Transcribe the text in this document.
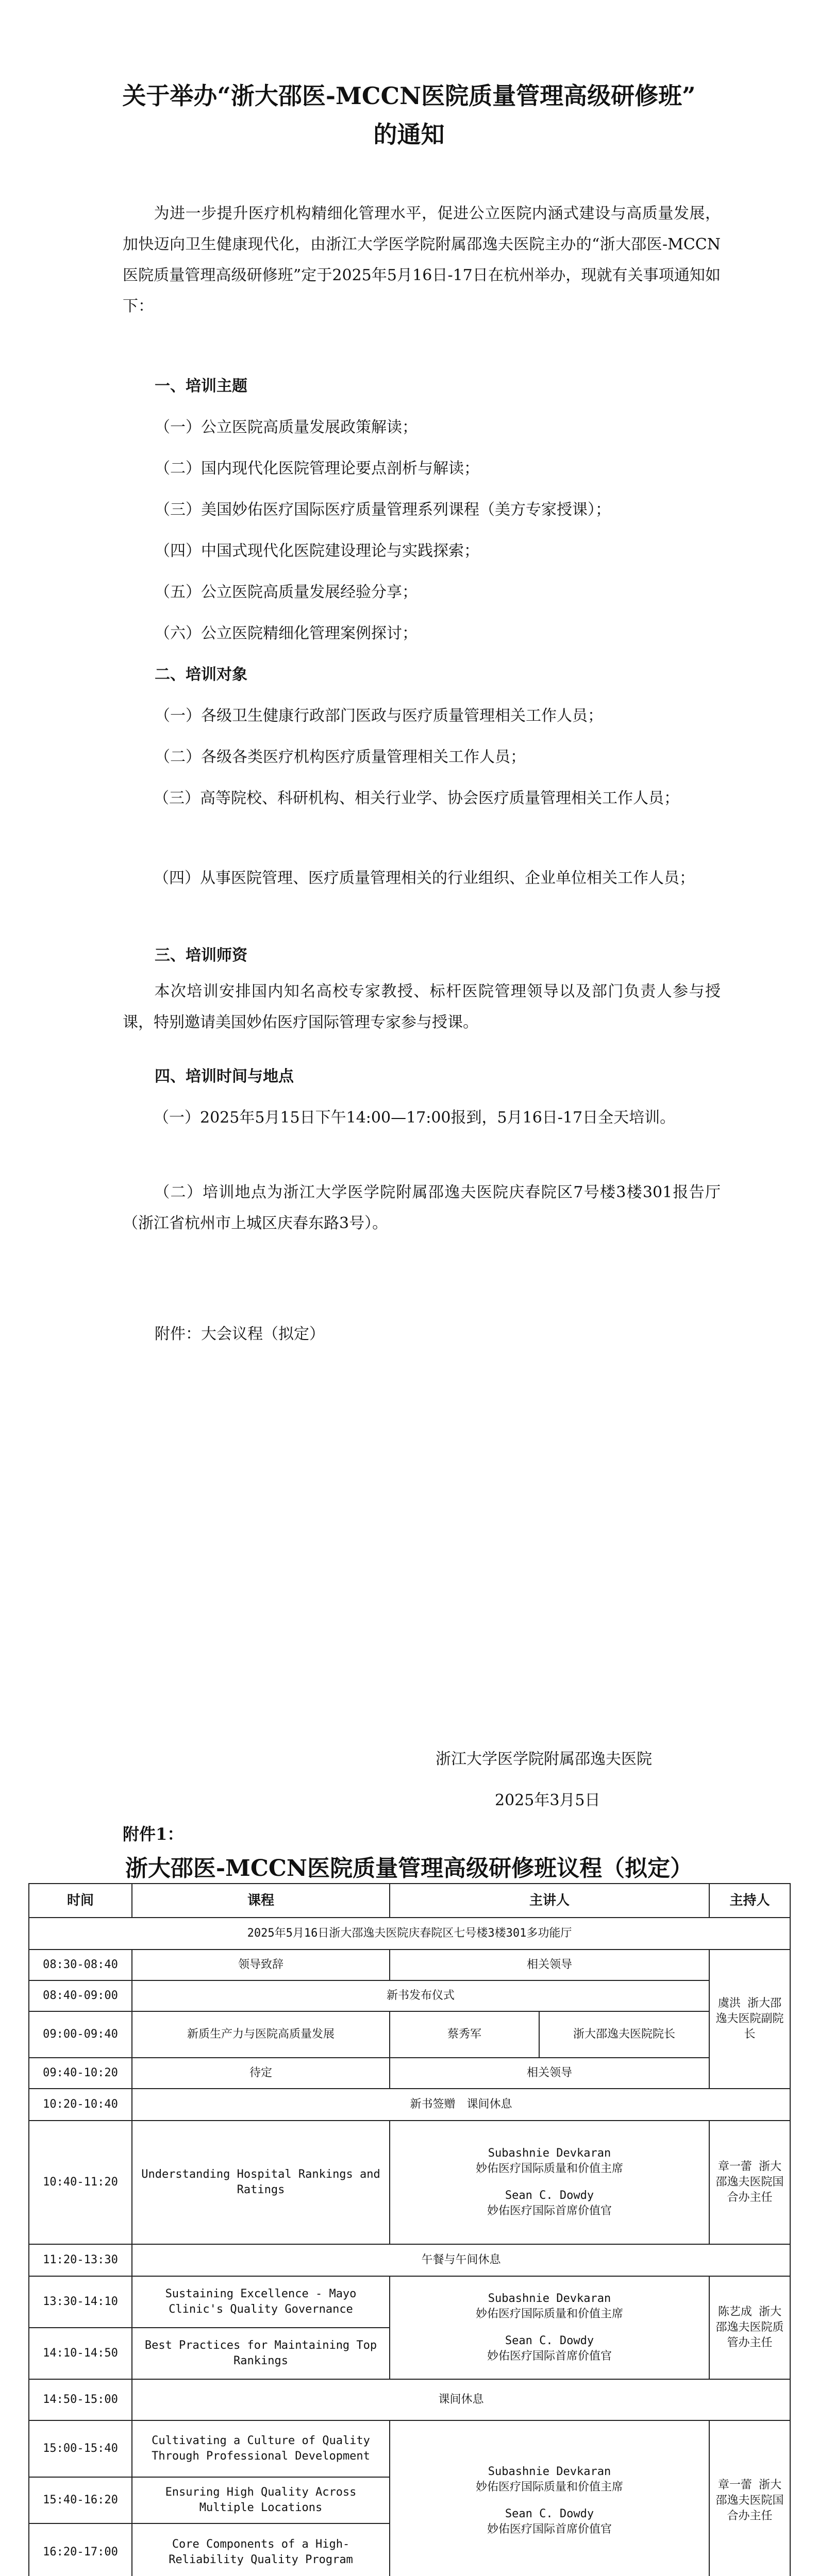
关于举办“浙大邵医-MCCN医院质量管理高级研修班”
的通知
为进一步提升医疗机构精细化管理水平，促进公立医院内涵式建设与高质量发展，加快迈向卫生健康现代化，由浙江大学医学院附属邵逸夫医院主办的“浙大邵医-MCCN医院质量管理高级研修班”定于2025年5月16日-17日在杭州举办，现就有关事项通知如下：
一、培训主题
（一）公立医院高质量发展政策解读；
（二）国内现代化医院管理论要点剖析与解读；
（三）美国妙佑医疗国际医疗质量管理系列课程（美方专家授课）；
（四）中国式现代化医院建设理论与实践探索；
（五）公立医院高质量发展经验分享；
（六）公立医院精细化管理案例探讨；
二、培训对象
（一）各级卫生健康行政部门医政与医疗质量管理相关工作人员；
（二）各级各类医疗机构医疗质量管理相关工作人员；
（三）高等院校、科研机构、相关行业学、协会医疗质量管理相关工作人员；
（四）从事医院管理、医疗质量管理相关的行业组织、企业单位相关工作人员；
三、培训师资
本次培训安排国内知名高校专家教授、标杆医院管理领导以及部门负责人参与授课，特别邀请美国妙佑医疗国际管理专家参与授课。
四、培训时间与地点
（一）2025年5月15日下午14:00—17:00报到，5月16日-17日全天培训。
（二）培训地点为浙江大学医学院附属邵逸夫医院庆春院区7号楼3楼301报告厅（浙江省杭州市上城区庆春东路3号）。
附件：大会议程（拟定）
浙江大学医学院附属邵逸夫医院
2025年3月5日
附件1：
浙大邵医-MCCN医院质量管理高级研修班议程（拟定）
时间	课程	主讲人		主持人
2025年5月16日浙大邵逸夫医院庆春院区七号楼3楼301多功能厅				
08:30-08:40	领导致辞	相关领导		虞洪 浙大邵逸夫医院副院长
08:40-09:00	新书发布仪式			
09:00-09:40	新质生产力与医院高质量发展	蔡秀军	浙大邵逸夫医院院长	
09:40-10:20	待定	相关领导		
10:20-10:40	新书签赠　课间休息			
10:40-11:20	Understanding Hospital Rankings and Ratings	Subashnie Devkaran
妙佑医疗国际质量和价值主席
Sean C. Dowdy
妙佑医疗国际首席价值官		章一蕾 浙大邵逸夫医院国合办主任
11:20-13:30	午餐与午间休息			
13:30-14:10	Sustaining Excellence - Mayo Clinic's Quality Governance	Subashnie Devkaran
妙佑医疗国际质量和价值主席
Sean C. Dowdy
妙佑医疗国际首席价值官		陈艺成 浙大邵逸夫医院质管办主任
14:10-14:50	Best Practices for Maintaining Top Rankings			
14:50-15:00	课间休息			
15:00-15:40	Cultivating a Culture of Quality Through Professional Development	Subashnie Devkaran
妙佑医疗国际质量和价值主席
Sean C. Dowdy
妙佑医疗国际首席价值官		章一蕾 浙大邵逸夫医院国合办主任
15:40-16:20	Ensuring High Quality Across Multiple Locations			
16:20-17:00	Core Components of a High-Reliability Quality Program			
